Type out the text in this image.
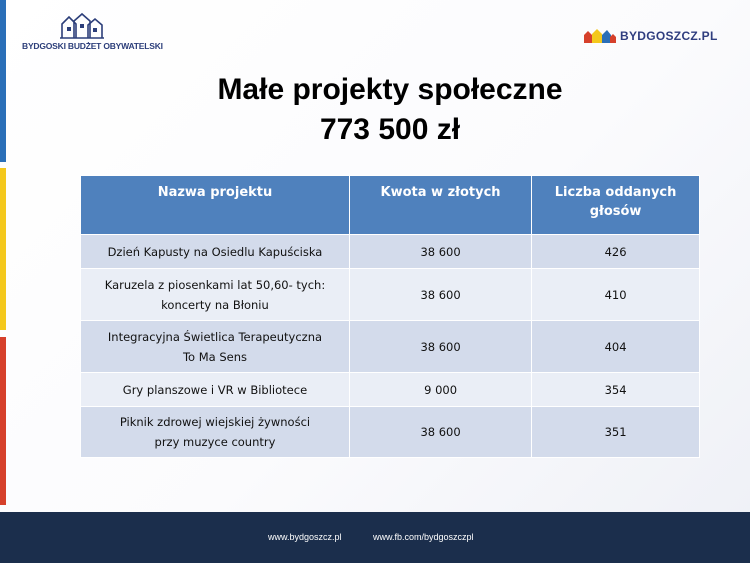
BYDGOSKI BUDŻET OBYWATELSKI
BYDGOSZCZ.PL
Małe projekty społeczne
773 500 zł
Nazwa projektu	Kwota w złotych	Liczba oddanych głosów
Dzień Kapusty na Osiedlu Kapuściska	38 600	426

Karuzela z piosenkami lat 50,60- tych:
koncerty na Błoniu	38 600	410

Integracyjna Świetlica Terapeutyczna
To Ma Sens	38 600	404
Gry planszowe i VR w Bibliotece	9 000	354

Piknik zdrowej wiejskiej żywności
przy muzyce country	38 600	351
www.bydgoszcz.pl	www.fb.com/bydgoszczpl
